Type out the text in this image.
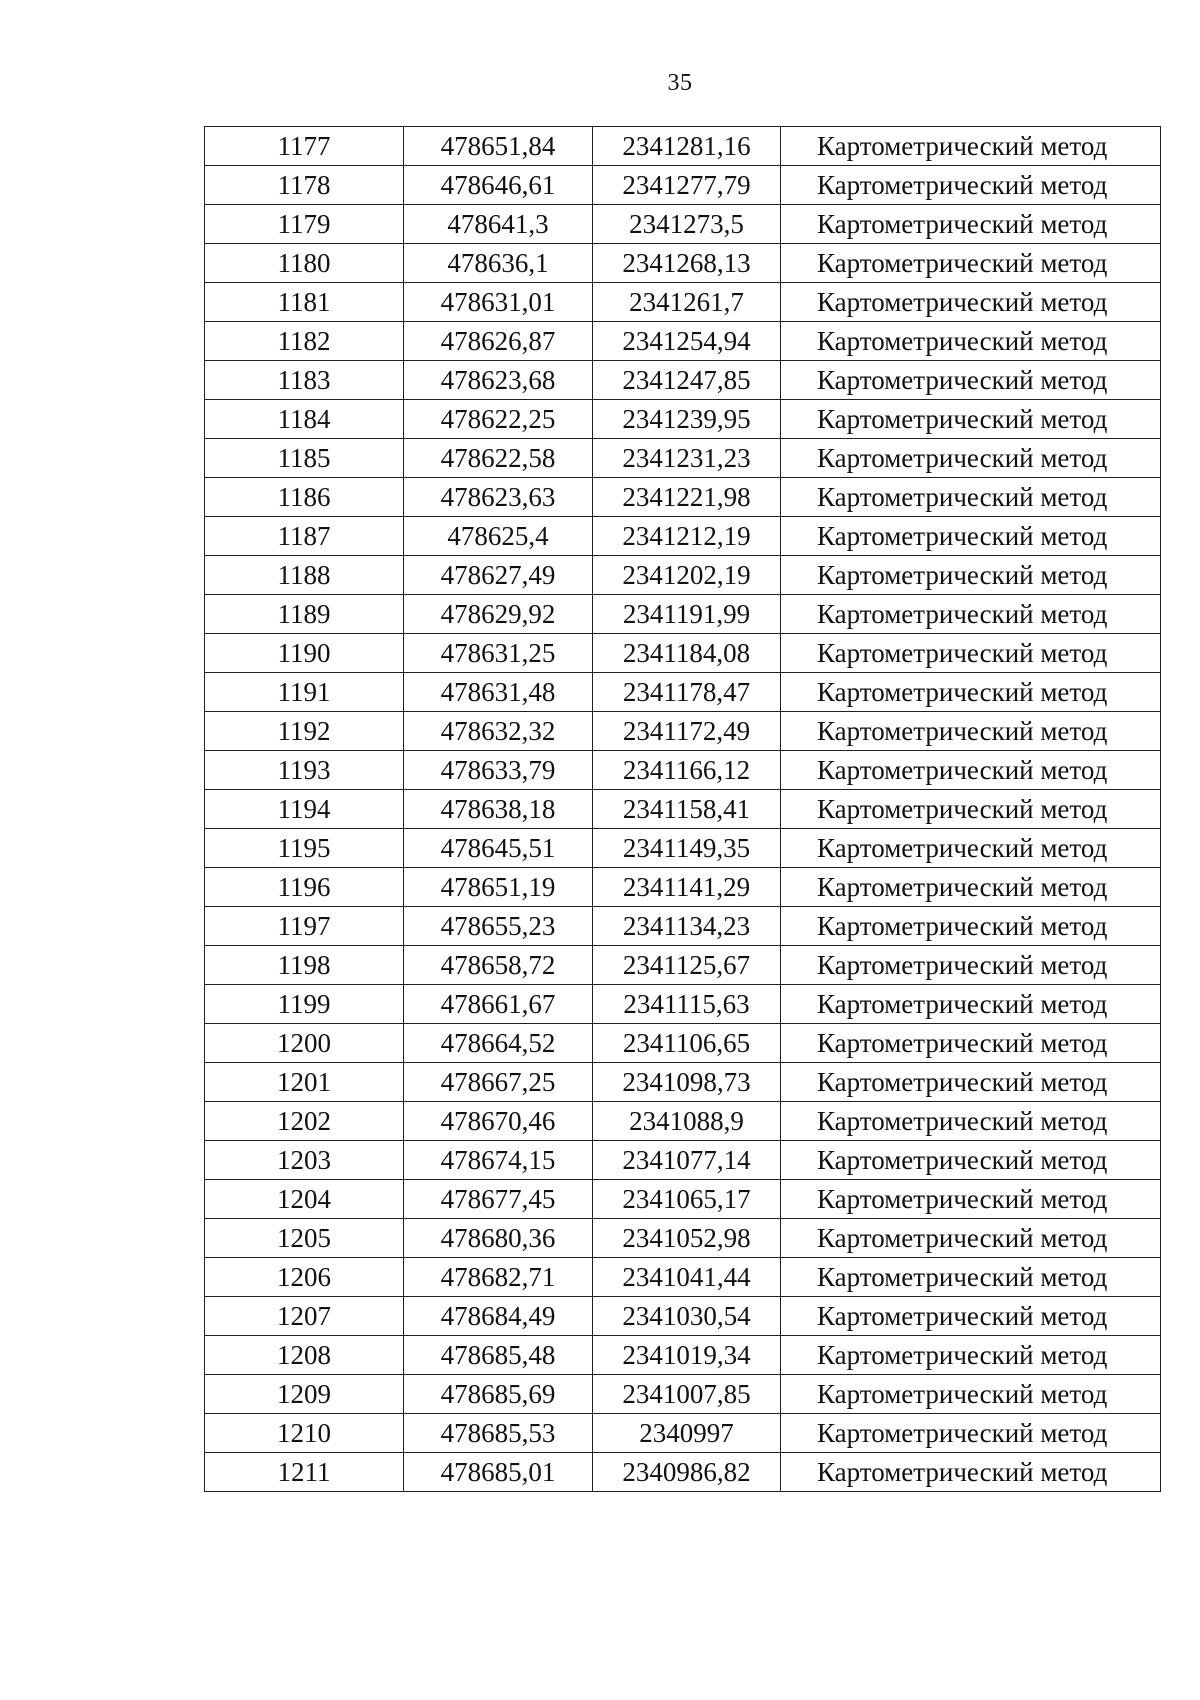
35
1177	478651,84	2341281,16	Картометрический метод
1178	478646,61	2341277,79	Картометрический метод
1179	478641,3	2341273,5	Картометрический метод
1180	478636,1	2341268,13	Картометрический метод
1181	478631,01	2341261,7	Картометрический метод
1182	478626,87	2341254,94	Картометрический метод
1183	478623,68	2341247,85	Картометрический метод
1184	478622,25	2341239,95	Картометрический метод
1185	478622,58	2341231,23	Картометрический метод
1186	478623,63	2341221,98	Картометрический метод
1187	478625,4	2341212,19	Картометрический метод
1188	478627,49	2341202,19	Картометрический метод
1189	478629,92	2341191,99	Картометрический метод
1190	478631,25	2341184,08	Картометрический метод
1191	478631,48	2341178,47	Картометрический метод
1192	478632,32	2341172,49	Картометрический метод
1193	478633,79	2341166,12	Картометрический метод
1194	478638,18	2341158,41	Картометрический метод
1195	478645,51	2341149,35	Картометрический метод
1196	478651,19	2341141,29	Картометрический метод
1197	478655,23	2341134,23	Картометрический метод
1198	478658,72	2341125,67	Картометрический метод
1199	478661,67	2341115,63	Картометрический метод
1200	478664,52	2341106,65	Картометрический метод
1201	478667,25	2341098,73	Картометрический метод
1202	478670,46	2341088,9	Картометрический метод
1203	478674,15	2341077,14	Картометрический метод
1204	478677,45	2341065,17	Картометрический метод
1205	478680,36	2341052,98	Картометрический метод
1206	478682,71	2341041,44	Картометрический метод
1207	478684,49	2341030,54	Картометрический метод
1208	478685,48	2341019,34	Картометрический метод
1209	478685,69	2341007,85	Картометрический метод
1210	478685,53	2340997	Картометрический метод
1211	478685,01	2340986,82	Картометрический метод
